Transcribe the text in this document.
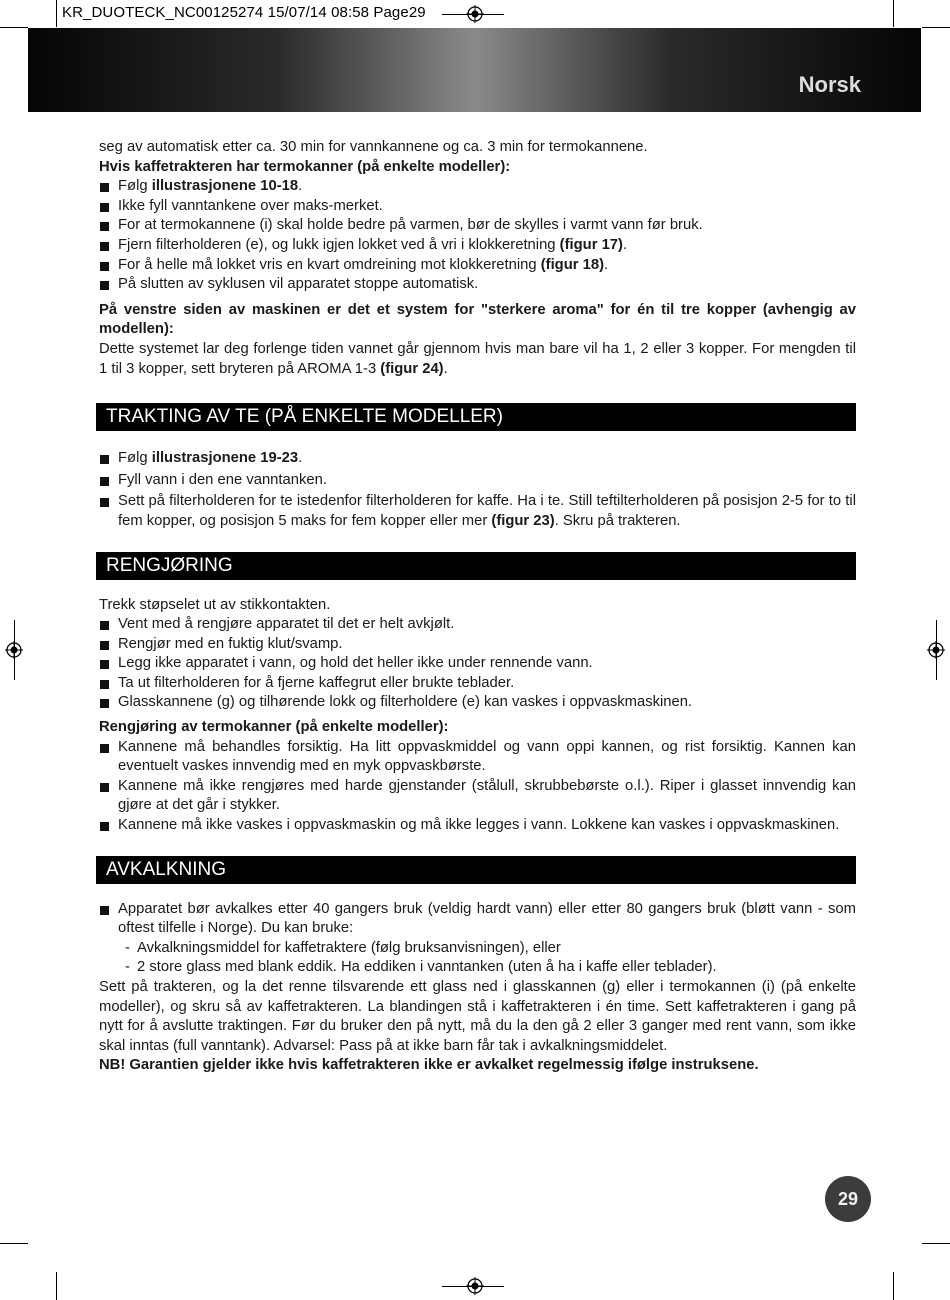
KR_DUOTECK_NC00125274 15/07/14 08:58 Page29
Norsk

seg av automatisk etter ca. 30 min for vannkannene og ca. 3 min for termokannene.

Hvis kaffetrakteren har termokanner (på enkelte modeller):

Følg illustrasjonene 10-18.
Ikke fyll vanntankene over maks-merket.
For at termokannene (i) skal holde bedre på varmen, bør de skylles i varmt vann før bruk.
Fjern filterholderen (e), og lukk igjen lokket ved å vri i klokkeretning (figur 17).
For å helle må lokket vris en kvart omdreining mot klokkeretning (figur 18).
På slutten av syklusen vil apparatet stoppe automatisk.

På venstre siden av maskinen er det et system for "sterkere aroma" for én til tre kopper (avhengig av modellen):

Dette systemet lar deg forlenge tiden vannet går gjennom hvis man bare vil ha 1, 2 eller 3 kopper. For mengden til 1 til 3 kopper, sett bryteren på AROMA 1-3 (figur 24).

TRAKTING AV TE (PÅ ENKELTE MODELLER)
Følg illustrasjonene 19-23.
Fyll vann i den ene vanntanken.
Sett på filterholderen for te istedenfor filterholderen for kaffe. Ha i te. Still teftilterholderen på posisjon 2-5 for to til fem kopper, og posisjon 5 maks for fem kopper eller mer (figur 23). Skru på trakteren.
RENGJØRING

Trekk støpselet ut av stikkontakten.

Vent med å rengjøre apparatet til det er helt avkjølt.
Rengjør med en fuktig klut/svamp.
Legg ikke apparatet i vann, og hold det heller ikke under rennende vann.
Ta ut filterholderen for å fjerne kaffegrut eller brukte teblader.
Glasskannene (g) og tilhørende lokk og filterholdere (e) kan vaskes i oppvaskmaskinen.

Rengjøring av termokanner (på enkelte modeller):

Kannene må behandles forsiktig. Ha litt oppvaskmiddel og vann oppi kannen, og rist forsiktig. Kannen kan eventuelt vaskes innvendig med en myk oppvaskbørste.
Kannene må ikke rengjøres med harde gjenstander (stålull, skrubbebørste o.l.). Riper i glasset innvendig kan gjøre at det går i stykker.
Kannene må ikke vaskes i oppvaskmaskin og må ikke legges i vann. Lokkene kan vaskes i oppvaskmaskinen.
AVKALKNING
Apparatet bør avkalkes etter 40 gangers bruk (veldig hardt vann) eller etter 80 gangers bruk (bløtt vann - som oftest tilfelle i Norge). Du kan bruke:
- Avkalkningsmiddel for kaffetraktere (følg bruksanvisningen), eller
- 2 store glass med blank eddik. Ha eddiken i vanntanken (uten å ha i kaffe eller teblader).

Sett på trakteren, og la det renne tilsvarende ett glass ned i glasskannen (g) eller i termokannen (i) (på enkelte modeller), og skru så av kaffetrakteren. La blandingen stå i kaffetrakteren i én time. Sett kaffetrakteren i gang på nytt for å avslutte traktingen. Før du bruker den på nytt, må du la den gå 2 eller 3 ganger med rent vann, som ikke skal inntas (full vanntank). Advarsel: Pass på at ikke barn får tak i avkalkningsmiddelet.

NB! Garantien gjelder ikke hvis kaffetrakteren ikke er avkalket regelmessig ifølge instruksene.

29
